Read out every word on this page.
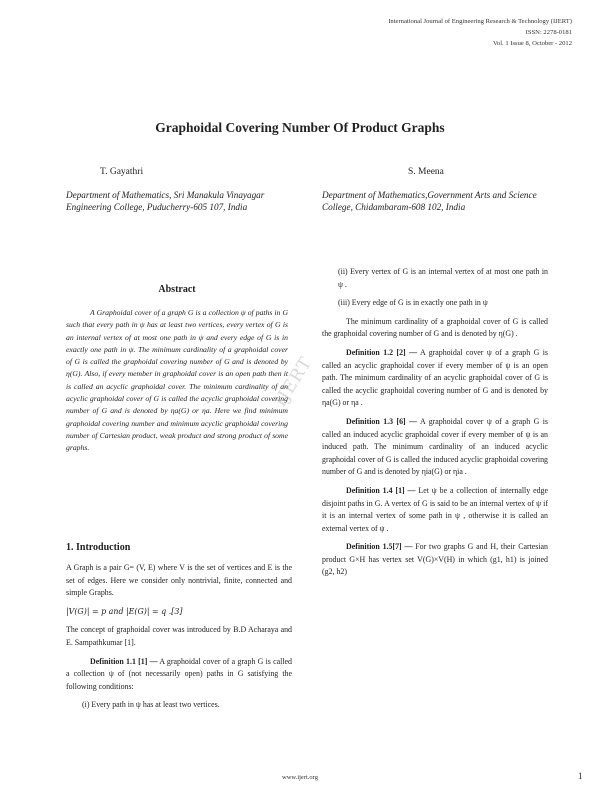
International Journal of Engineering Research & Technology (IJERT)
ISSN: 2278-0181
Vol. 1 Issue 8, October - 2012
Graphoidal Covering Number Of Product Graphs
T. Gayathri	S. Meena
Department of Mathematics, Sri Manakula Vinayagar Engineering College, Puducherry-605 107, India
Department of Mathematics,Government Arts and Science College, Chidambaram-608 102, India
Abstract
A Graphoidal cover of a graph G is a collection ψ of paths in G such that every path in ψ has at least two vertices, every vertex of G is an internal vertex of at most one path in ψ and every edge of G is in exactly one path in ψ. The minimum cardinality of a graphoidal cover of G is called the graphoidal covering number of G and is denoted by η(G). Also, if every member in graphoidal cover is an open path then it is called an acyclic graphoidal cover. The minimum cardinality of an acyclic graphoidal cover of G is called the acyclic graphoidal covering number of G and is denoted by ηa(G) or ηa. Here we find minimum graphoidal covering number and minimum acyclic graphoidal covering number of Cartesian product, weak product and strong product of some graphs.
1. Introduction

A Graph is a pair G= (V, E) where V is the set of vertices and E is the set of edges. Here we consider only nontrivial, finite, connected and simple Graphs.

|V(G)| = p and |E(G)| = q .[3]

The concept of graphoidal cover was introduced by B.D Acharaya and E. Sampathkumar [1].

Definition 1.1 [1] — A graphoidal cover of a graph G is called a collection ψ of (not necessarily open) paths in G satisfying the following conditions:

(i) Every path in ψ has at least two vertices.

(ii) Every vertex of G is an internal vertex of at most one path in ψ .

(iii) Every edge of G is in exactly one path in ψ

The minimum cardinality of a graphoidal cover of G is called the graphoidal covering number of G and is denoted by η(G) .

Definition 1.2 [2] — A graphoidal cover ψ of a graph G is called an acyclic graphoidal cover if every member of ψ is an open path. The minimum cardinality of an acyclic graphoidal cover of G is called the acyclic graphoidal covering number of G and is denoted by ηa(G) or ηa .

Definition 1.3 [6] — A graphoidal cover ψ of a graph G is called an induced acyclic graphoidal cover if every member of ψ is an induced path. The minimum cardinality of an induced acyclic graphoidal cover of G is called the induced acyclic graphoidal covering number of G and is denoted by ηia(G) or ηia .

Definition 1.4 [1] — Let ψ be a collection of internally edge disjoint paths in G. A vertex of G is said to be an internal vertex of ψ if it is an internal vertex of some path in ψ , otherwise it is called an external vertex of ψ .

Definition 1.5[7] — For two graphs G and H, their Cartesian product G×H has vertex set V(G)×V(H) in which (g1, h1) is joined (g2, h2)

IJERT
www.ijert.org	1
